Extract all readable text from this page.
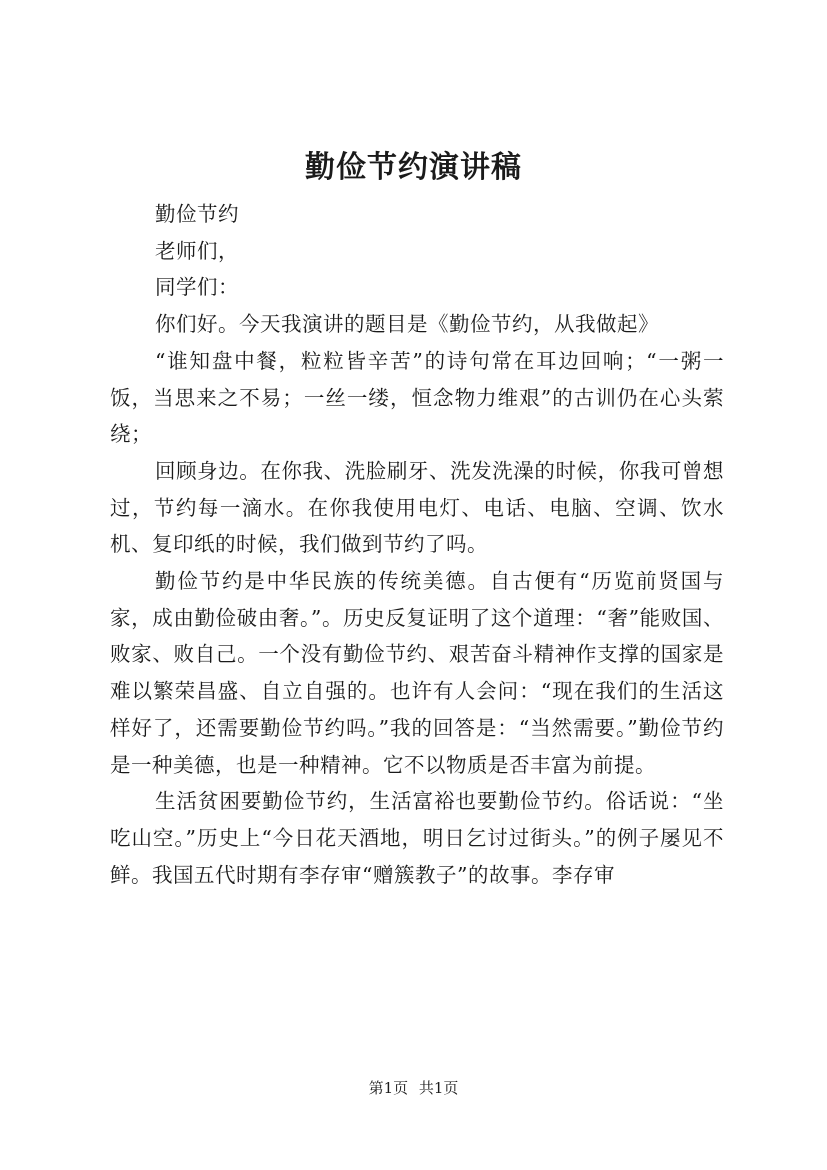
勤俭节约演讲稿

勤俭节约

老师们，

同学们：

你们好。今天我演讲的题目是《勤俭节约，从我做起》

“谁知盘中餐，粒粒皆辛苦”的诗句常在耳边回响；“一粥一饭，当思来之不易；一丝一缕，恒念物力维艰”的古训仍在心头萦绕；

回顾身边。在你我、洗脸刷牙、洗发洗澡的时候，你我可曾想过，节约每一滴水。在你我使用电灯、电话、电脑、空调、饮水机、复印纸的时候，我们做到节约了吗。

勤俭节约是中华民族的传统美德。自古便有“历览前贤国与家，成由勤俭破由奢。”。历史反复证明了这个道理：“奢”能败国、败家、败自己。一个没有勤俭节约、艰苦奋斗精神作支撑的国家是难以繁荣昌盛、自立自强的。也许有人会问：“现在我们的生活这样好了，还需要勤俭节约吗。”我的回答是：“当然需要。”勤俭节约是一种美德，也是一种精神。它不以物质是否丰富为前提。

生活贫困要勤俭节约，生活富裕也要勤俭节约。俗话说：“坐吃山空。”历史上“今日花天酒地，明日乞讨过街头。”的例子屡见不鲜。我国五代时期有李存审“赠簇教子”的故事。李存审

第1页 共1页
